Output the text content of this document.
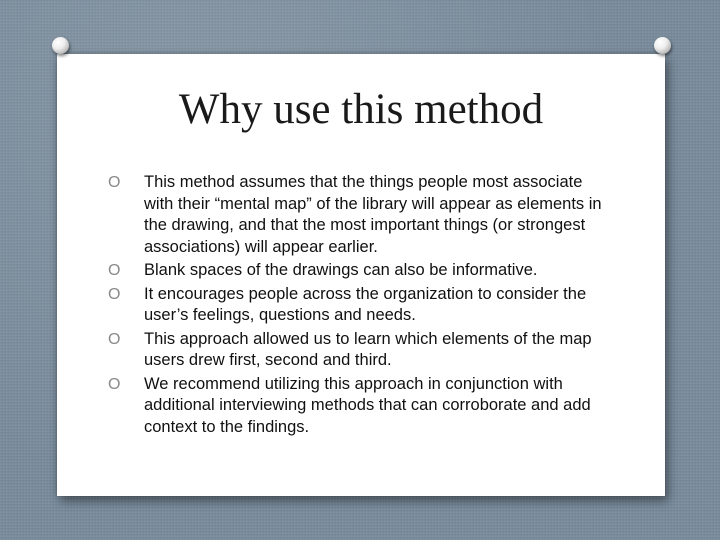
Why use this method
O This method assumes that the things people most associate with their “mental map” of the library will appear as elements in the drawing, and that the most important things (or strongest associations) will appear earlier.
O Blank spaces of the drawings can also be informative.
O It encourages people across the organization to consider the user’s feelings, questions and needs.
O This approach allowed us to learn which elements of the map users drew first, second and third.
O We recommend utilizing this approach in conjunction with additional interviewing methods that can corroborate and add context to the findings.
